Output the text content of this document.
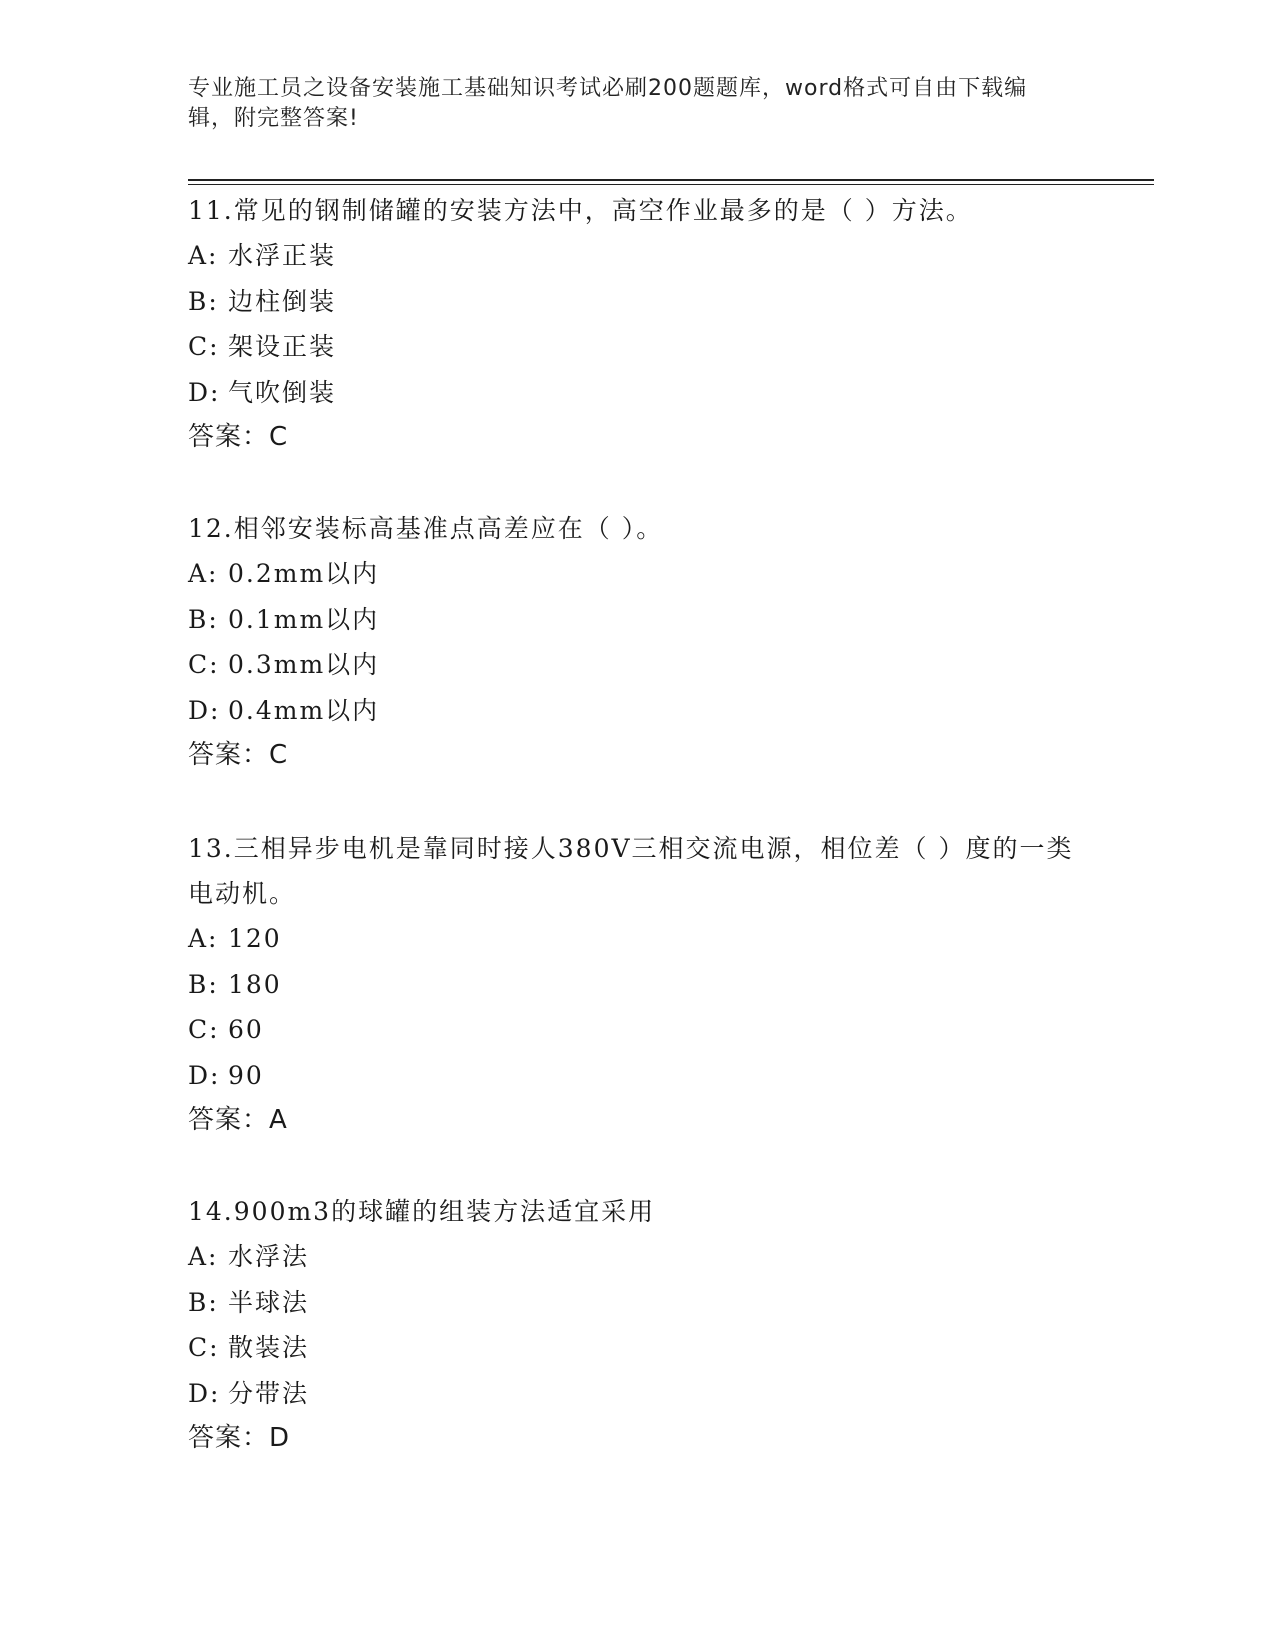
专业施工员之设备安装施工基础知识考试必刷200题题库，word格式可自由下载编辑，附完整答案!

11.常见的钢制储罐的安装方法中，高空作业最多的是（ ）方法。

A: 水浮正装

B: 边柱倒装

C: 架设正装

D: 气吹倒装

答案：C

12.相邻安装标高基准点高差应在（ ）。

A: 0.2mm以内

B: 0.1mm以内

C: 0.3mm以内

D: 0.4mm以内

答案：C

13.三相异步电机是靠同时接人380V三相交流电源，相位差（ ）度的一类电动机。

A: 120

B: 180

C: 60

D: 90

答案：A

14.900m3的球罐的组装方法适宜采用

A: 水浮法

B: 半球法

C: 散装法

D: 分带法

答案：D
